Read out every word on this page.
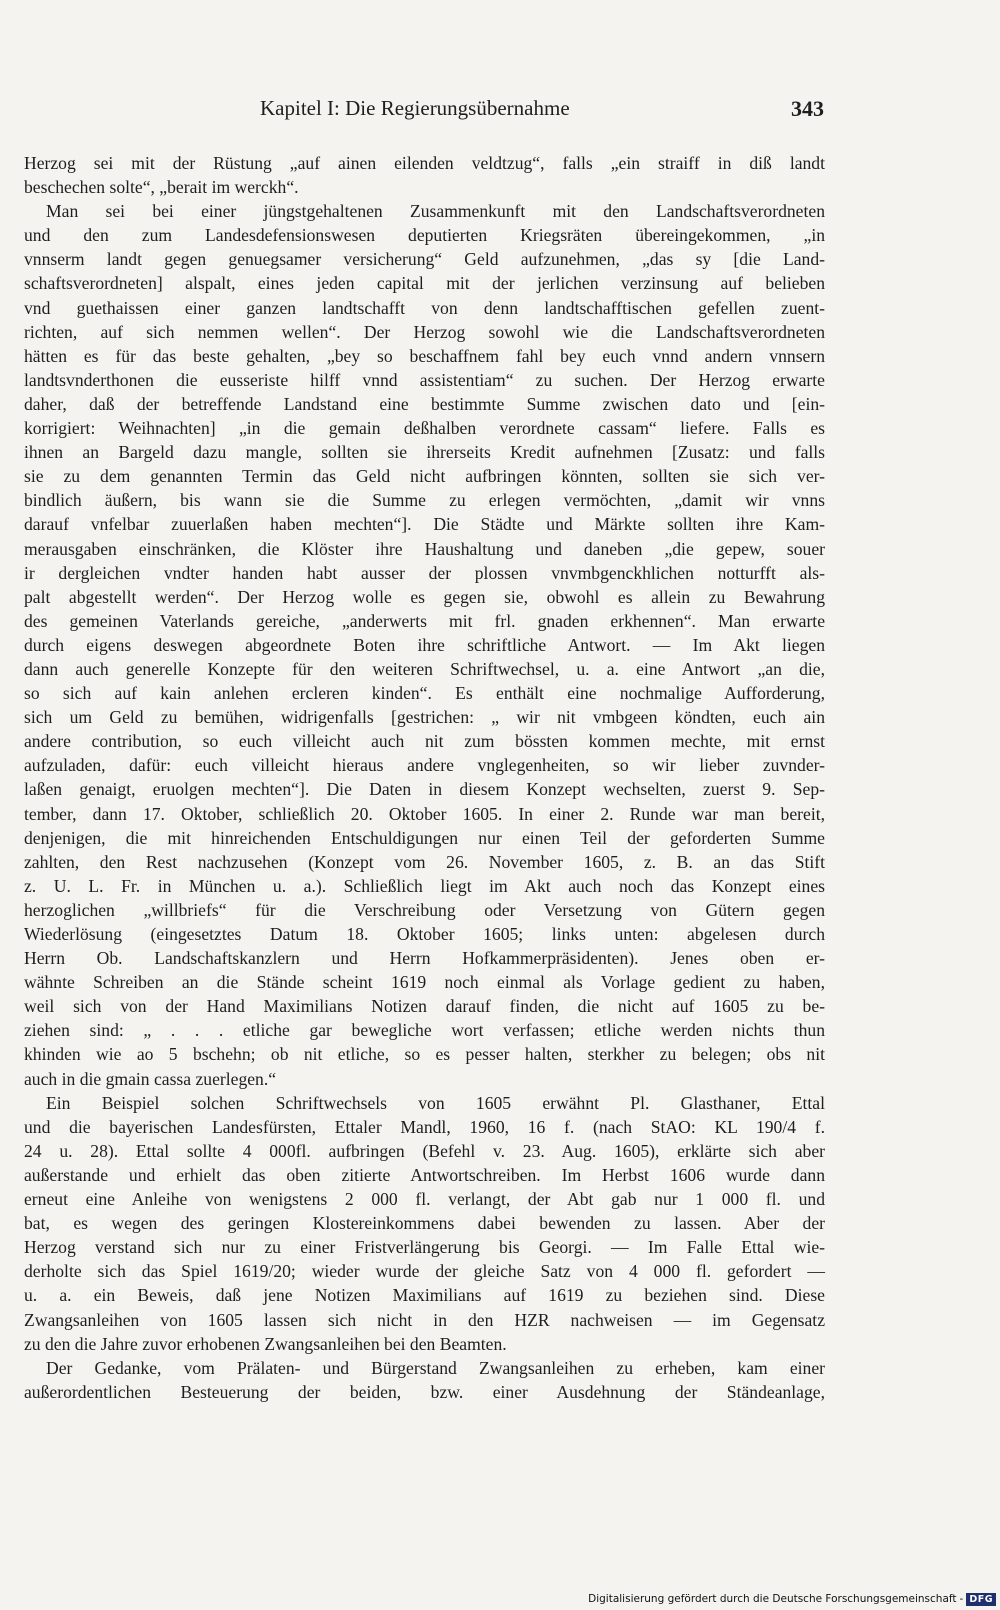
Kapitel I: Die Regierungsübernahme	343
Herzog sei mit der Rüstung „auf ainen eilenden veldtzug“, falls „ein straiff in diß landt
beschechen solte“, „berait im werckh“.
Man sei bei einer jüngstgehaltenen Zusammenkunft mit den Landschaftsverordneten
und den zum Landesdefensionswesen deputierten Kriegsräten übereingekommen, „in
vnnserm landt gegen genuegsamer versicherung“ Geld aufzunehmen, „das sy [die Land-
schaftsverordneten] alspalt, eines jeden capital mit der jerlichen verzinsung auf belieben
vnd guethaissen einer ganzen landtschafft von denn landtschafftischen gefellen zuent-
richten, auf sich nemmen wellen“. Der Herzog sowohl wie die Landschaftsverordneten
hätten es für das beste gehalten, „bey so beschaffnem fahl bey euch vnnd andern vnnsern
landtsvnderthonen die eusseriste hilff vnnd assistentiam“ zu suchen. Der Herzog erwarte
daher, daß der betreffende Landstand eine bestimmte Summe zwischen dato und [ein-
korrigiert: Weihnachten] „in die gemain deßhalben verordnete cassam“ liefere. Falls es
ihnen an Bargeld dazu mangle, sollten sie ihrerseits Kredit aufnehmen [Zusatz: und falls
sie zu dem genannten Termin das Geld nicht aufbringen könnten, sollten sie sich ver-
bindlich äußern, bis wann sie die Summe zu erlegen vermöchten, „damit wir vnns
darauf vnfelbar zuuerlaßen haben mechten“]. Die Städte und Märkte sollten ihre Kam-
merausgaben einschränken, die Klöster ihre Haushaltung und daneben „die gepew, souer
ir dergleichen vndter handen habt ausser der plossen vnvmbgenckhlichen notturfft als-
palt abgestellt werden“. Der Herzog wolle es gegen sie, obwohl es allein zu Bewahrung
des gemeinen Vaterlands gereiche, „anderwerts mit frl. gnaden erkhennen“. Man erwarte
durch eigens deswegen abgeordnete Boten ihre schriftliche Antwort. — Im Akt liegen
dann auch generelle Konzepte für den weiteren Schriftwechsel, u. a. eine Antwort „an die,
so sich auf kain anlehen ercleren kinden“. Es enthält eine nochmalige Aufforderung,
sich um Geld zu bemühen, widrigenfalls [gestrichen: „ wir nit vmbgeen köndten, euch ain
andere contribution, so euch villeicht auch nit zum bössten kommen mechte, mit ernst
aufzuladen, dafür: euch villeicht hieraus andere vnglegenheiten, so wir lieber zuvnder-
laßen genaigt, eruolgen mechten“]. Die Daten in diesem Konzept wechselten, zuerst 9. Sep-
tember, dann 17. Oktober, schließlich 20. Oktober 1605. In einer 2. Runde war man bereit,
denjenigen, die mit hinreichenden Entschuldigungen nur einen Teil der geforderten Summe
zahlten, den Rest nachzusehen (Konzept vom 26. November 1605, z. B. an das Stift
z. U. L. Fr. in München u. a.). Schließlich liegt im Akt auch noch das Konzept eines
herzoglichen „willbriefs“ für die Verschreibung oder Versetzung von Gütern gegen
Wiederlösung (eingesetztes Datum 18. Oktober 1605; links unten: abgelesen durch
Herrn Ob. Landschaftskanzlern und Herrn Hofkammerpräsidenten). Jenes oben er-
wähnte Schreiben an die Stände scheint 1619 noch einmal als Vorlage gedient zu haben,
weil sich von der Hand Maximilians Notizen darauf finden, die nicht auf 1605 zu be-
ziehen sind: „ . . . etliche gar bewegliche wort verfassen; etliche werden nichts thun
khinden wie ao 5 bschehn; ob nit etliche, so es pesser halten, sterkher zu belegen; obs nit
auch in die gmain cassa zuerlegen.“
Ein Beispiel solchen Schriftwechsels von 1605 erwähnt Pl. Glasthaner, Ettal
und die bayerischen Landesfürsten, Ettaler Mandl, 1960, 16 f. (nach StAO: KL 190/4 f.
24 u. 28). Ettal sollte 4 000fl. aufbringen (Befehl v. 23. Aug. 1605), erklärte sich aber
außerstande und erhielt das oben zitierte Antwortschreiben. Im Herbst 1606 wurde dann
erneut eine Anleihe von wenigstens 2 000 fl. verlangt, der Abt gab nur 1 000 fl. und
bat, es wegen des geringen Klostereinkommens dabei bewenden zu lassen. Aber der
Herzog verstand sich nur zu einer Fristverlängerung bis Georgi. — Im Falle Ettal wie-
derholte sich das Spiel 1619/20; wieder wurde der gleiche Satz von 4 000 fl. gefordert —
u. a. ein Beweis, daß jene Notizen Maximilians auf 1619 zu beziehen sind. Diese
Zwangsanleihen von 1605 lassen sich nicht in den HZR nachweisen — im Gegensatz
zu den die Jahre zuvor erhobenen Zwangsanleihen bei den Beamten.
Der Gedanke, vom Prälaten- und Bürgerstand Zwangsanleihen zu erheben, kam einer
außerordentlichen Besteuerung der beiden, bzw. einer Ausdehnung der Ständeanlage,
Digitalisierung gefördert durch die Deutsche Forschungsgemeinschaft - DFG
